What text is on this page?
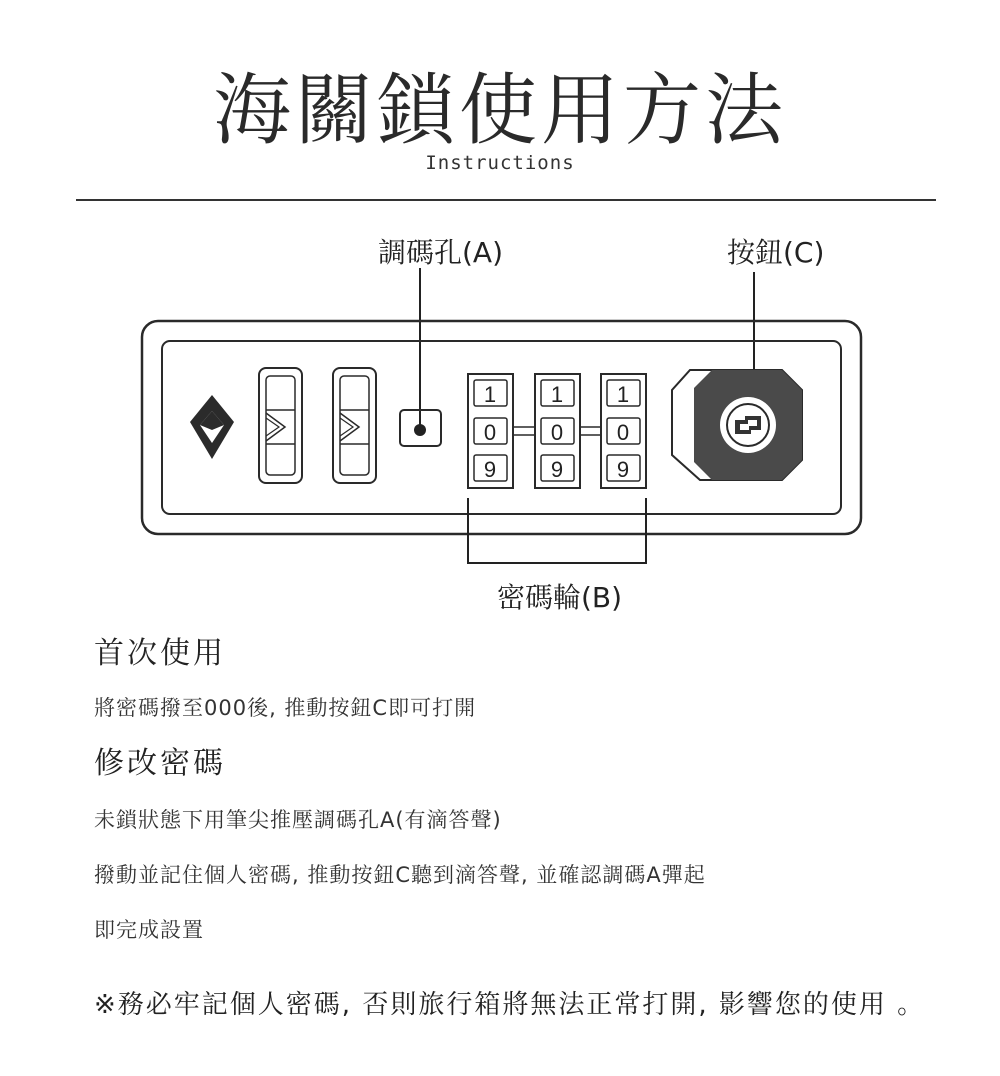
海關鎖使用方法
Instructions
1
0
9
1
0
9
1
0
9
調碼孔(A)	按鈕(C)
密碼輪(B)
首次使用
將密碼撥至000後, 推動按鈕C即可打開
修改密碼
未鎖狀態下用筆尖推壓調碼孔A(有滴答聲)
撥動並記住個人密碼, 推動按鈕C聽到滴答聲, 並確認調碼A彈起
即完成設置
※務必牢記個人密碼, 否則旅行箱將無法正常打開, 影響您的使用 。
